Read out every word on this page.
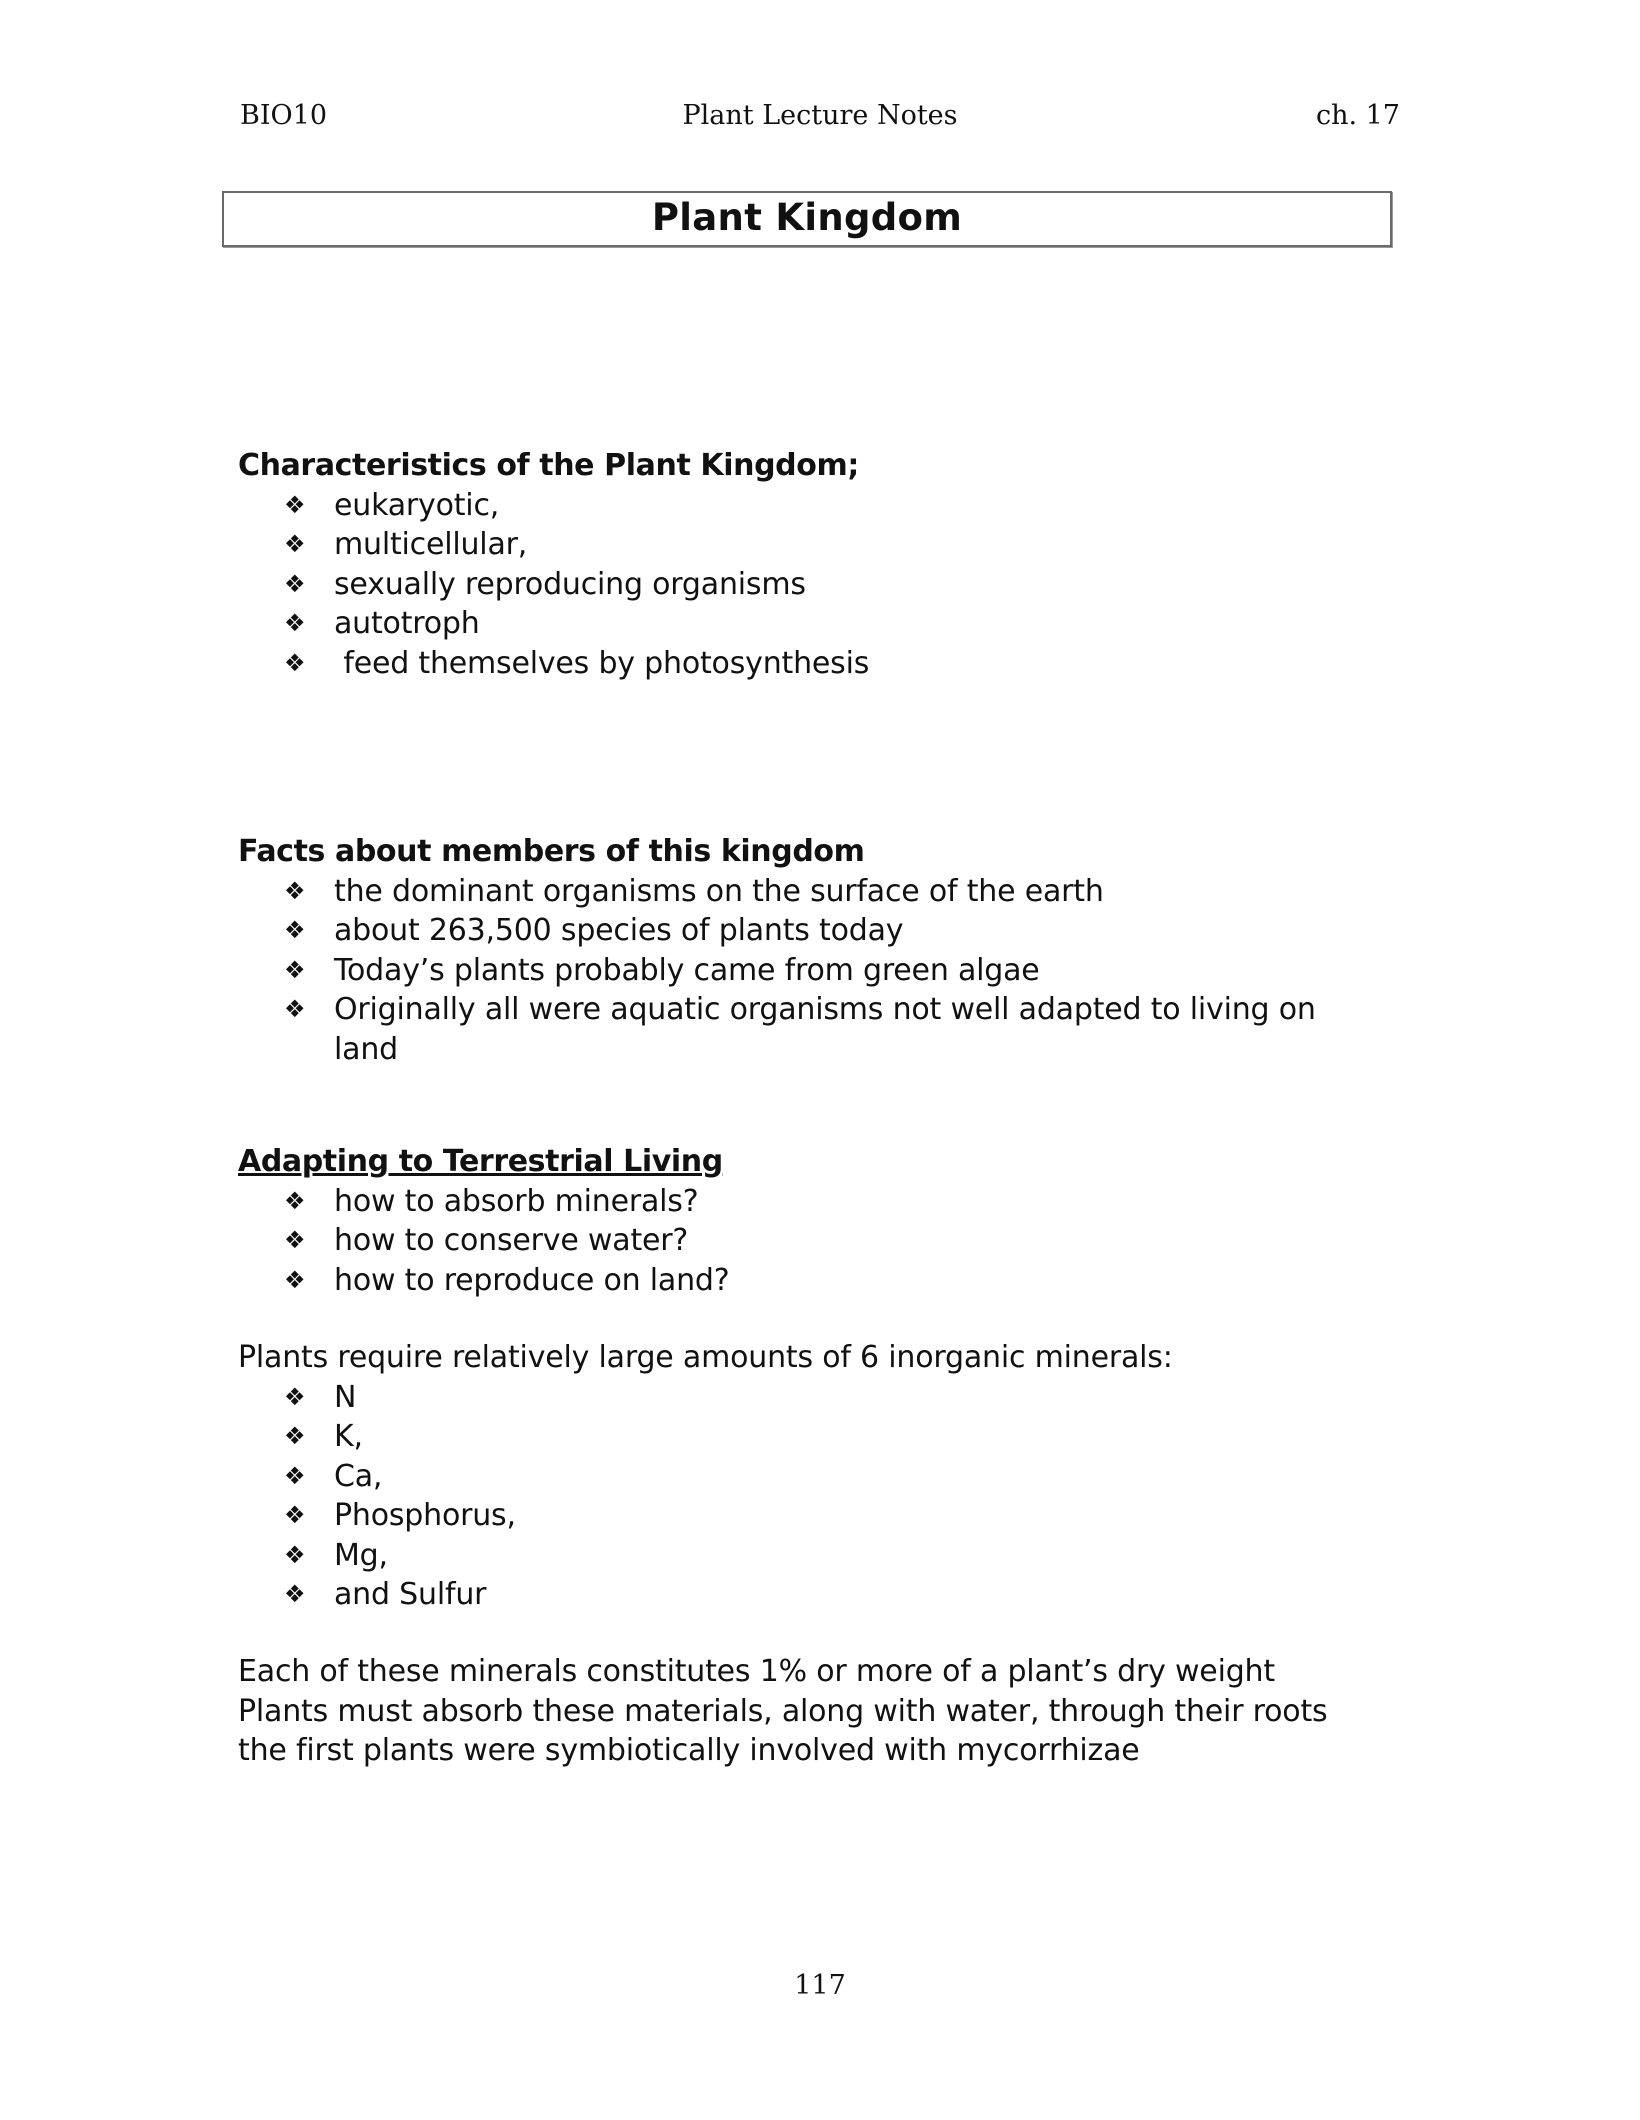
Plant Lecture Notes
BIO10	ch. 17
Plant Kingdom
Characteristics of the Plant Kingdom;
❖ eukaryotic,
❖ multicellular,
❖ sexually reproducing organisms
❖ autotroph
❖ feed themselves by photosynthesis
Facts about members of this kingdom
❖ the dominant organisms on the surface of the earth
❖ about 263,500 species of plants today
❖ Today’s plants probably came from green algae
❖ Originally all were aquatic organisms not well adapted to living on land
Adapting to Terrestrial Living
❖ how to absorb minerals?
❖ how to conserve water?
❖ how to reproduce on land?
Plants require relatively large amounts of 6 inorganic minerals:
❖ N
❖ K,
❖ Ca,
❖ Phosphorus,
❖ Mg,
❖ and Sulfur
Each of these minerals constitutes 1% or more of a plant’s dry weight
Plants must absorb these materials, along with water, through their roots
the first plants were symbiotically involved with mycorrhizae
117
